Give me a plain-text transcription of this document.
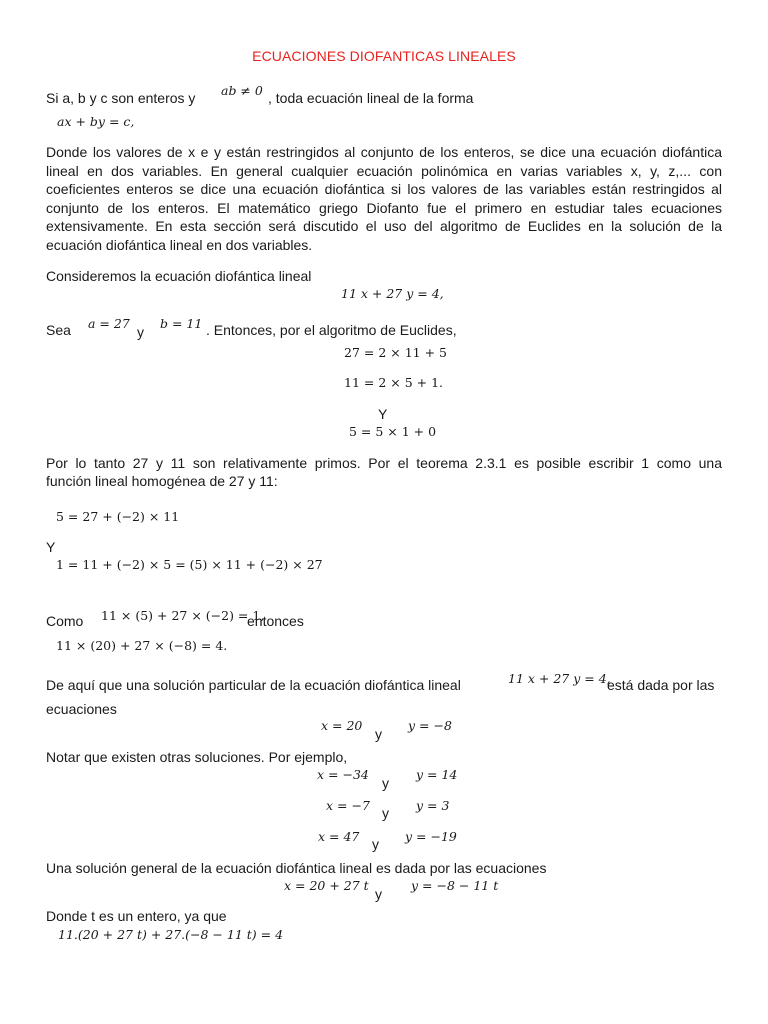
ECUACIONES DIOFANTICAS LINEALES
Si a, b y c son enteros y ab ≠ 0 , toda ecuación lineal de la forma
ax + by = c,
Donde los valores de x e y están restringidos al conjunto de los enteros, se dice una ecuación diofántica lineal en dos variables. En general cualquier ecuación polinómica en varias variables x, y, z,... con coeficientes enteros se dice una ecuación diofántica si los valores de las variables están restringidos al conjunto de los enteros. El matemático griego Diofanto fue el primero en estudiar tales ecuaciones extensivamente. En esta sección será discutido el uso del algoritmo de Euclides en la solución de la ecuación diofántica lineal en dos variables.
Consideremos la ecuación diofántica lineal
11 x + 27 y = 4,
Sea a = 27
y
b = 11 . Entonces, por el algoritmo de Euclides,
27 = 2 × 11 + 5
11 = 2 × 5 + 1.
Y
5 = 5 × 1 + 0
Por lo tanto 27 y 11 son relativamente primos. Por el teorema 2.3.1 es posible escribir 1 como una
función lineal homogénea de 27 y 11:
5 = 27 + (−2) × 11
Y
1 = 11 + (−2) × 5 = (5) × 11 + (−2) × 27
Como 11 × (5) + 27 × (−2) = 1,
entonces
11 × (20) + 27 × (−8) = 4.
De aquí que una solución particular de la ecuación diofántica lineal	11 x + 27 y = 4,
está dada por las
ecuaciones
x = 20
y
y = −8
Notar que existen otras soluciones. Por ejemplo,
x = −34
y
y = 14
x = −7 y y = 3
x = 47 y y = −19
Una solución general de la ecuación diofántica lineal es dada por las ecuaciones
x = 20 + 27 t
y
y = −8 − 11 t
Donde t es un entero, ya que
11.(20 + 27 t) + 27.(−8 − 11 t) = 4
